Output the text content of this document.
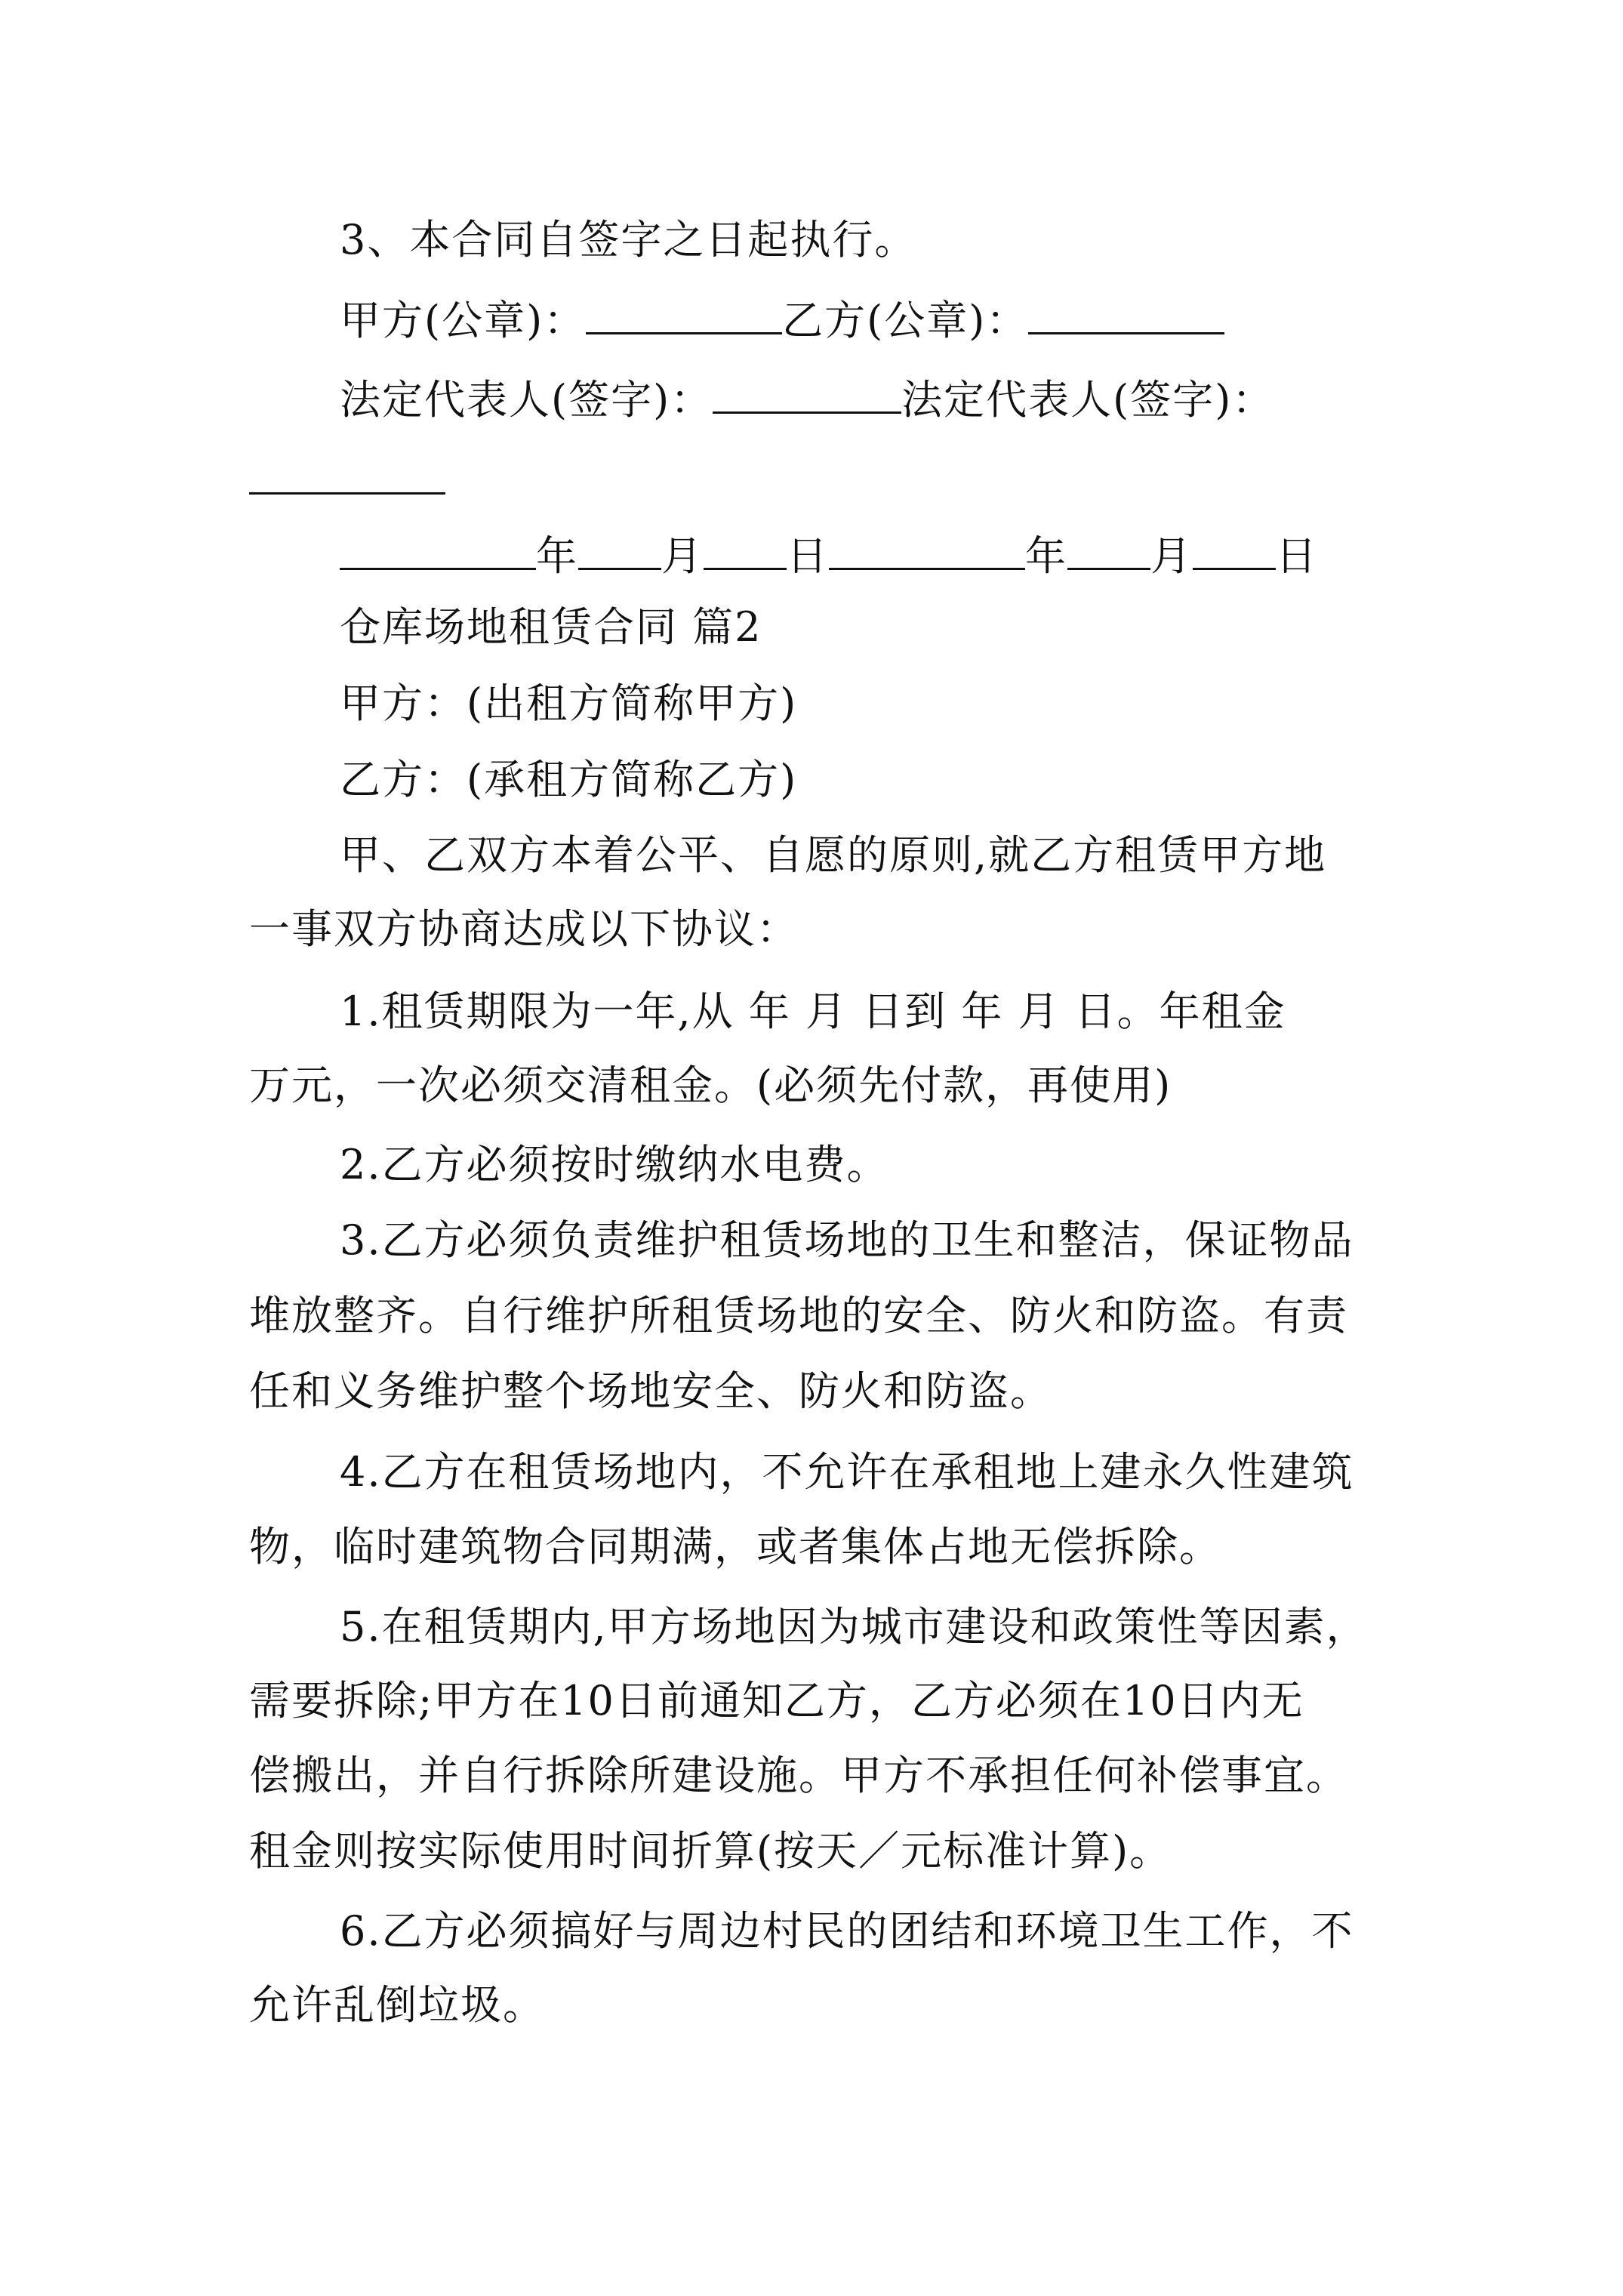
3、本合同自签字之日起执行。
甲方(公章)：	乙方(公章)：
法定代表人(签字)：	法定代表人(签字)：
年 月 日	年 月 日
仓库场地租赁合同 篇2
甲方：(出租方简称甲方)
乙方：(承租方简称乙方)
甲、乙双方本着公平、自愿的原则,就乙方租赁甲方地
一事双方协商达成以下协议：
1.租赁期限为一年,从 年 月 日到 年 月 日。年租金
万元，一次必须交清租金。(必须先付款，再使用)
2.乙方必须按时缴纳水电费。
3.乙方必须负责维护租赁场地的卫生和整洁，保证物品
堆放整齐。自行维护所租赁场地的安全、防火和防盗。有责
任和义务维护整个场地安全、防火和防盗。
4.乙方在租赁场地内，不允许在承租地上建永久性建筑
物，临时建筑物合同期满，或者集体占地无偿拆除。
5.在租赁期内,甲方场地因为城市建设和政策性等因素，
需要拆除;甲方在10日前通知乙方，乙方必须在10日内无
偿搬出，并自行拆除所建设施。甲方不承担任何补偿事宜。
租金则按实际使用时间折算(按天／元标准计算)。
6.乙方必须搞好与周边村民的团结和环境卫生工作，不
允许乱倒垃圾。
